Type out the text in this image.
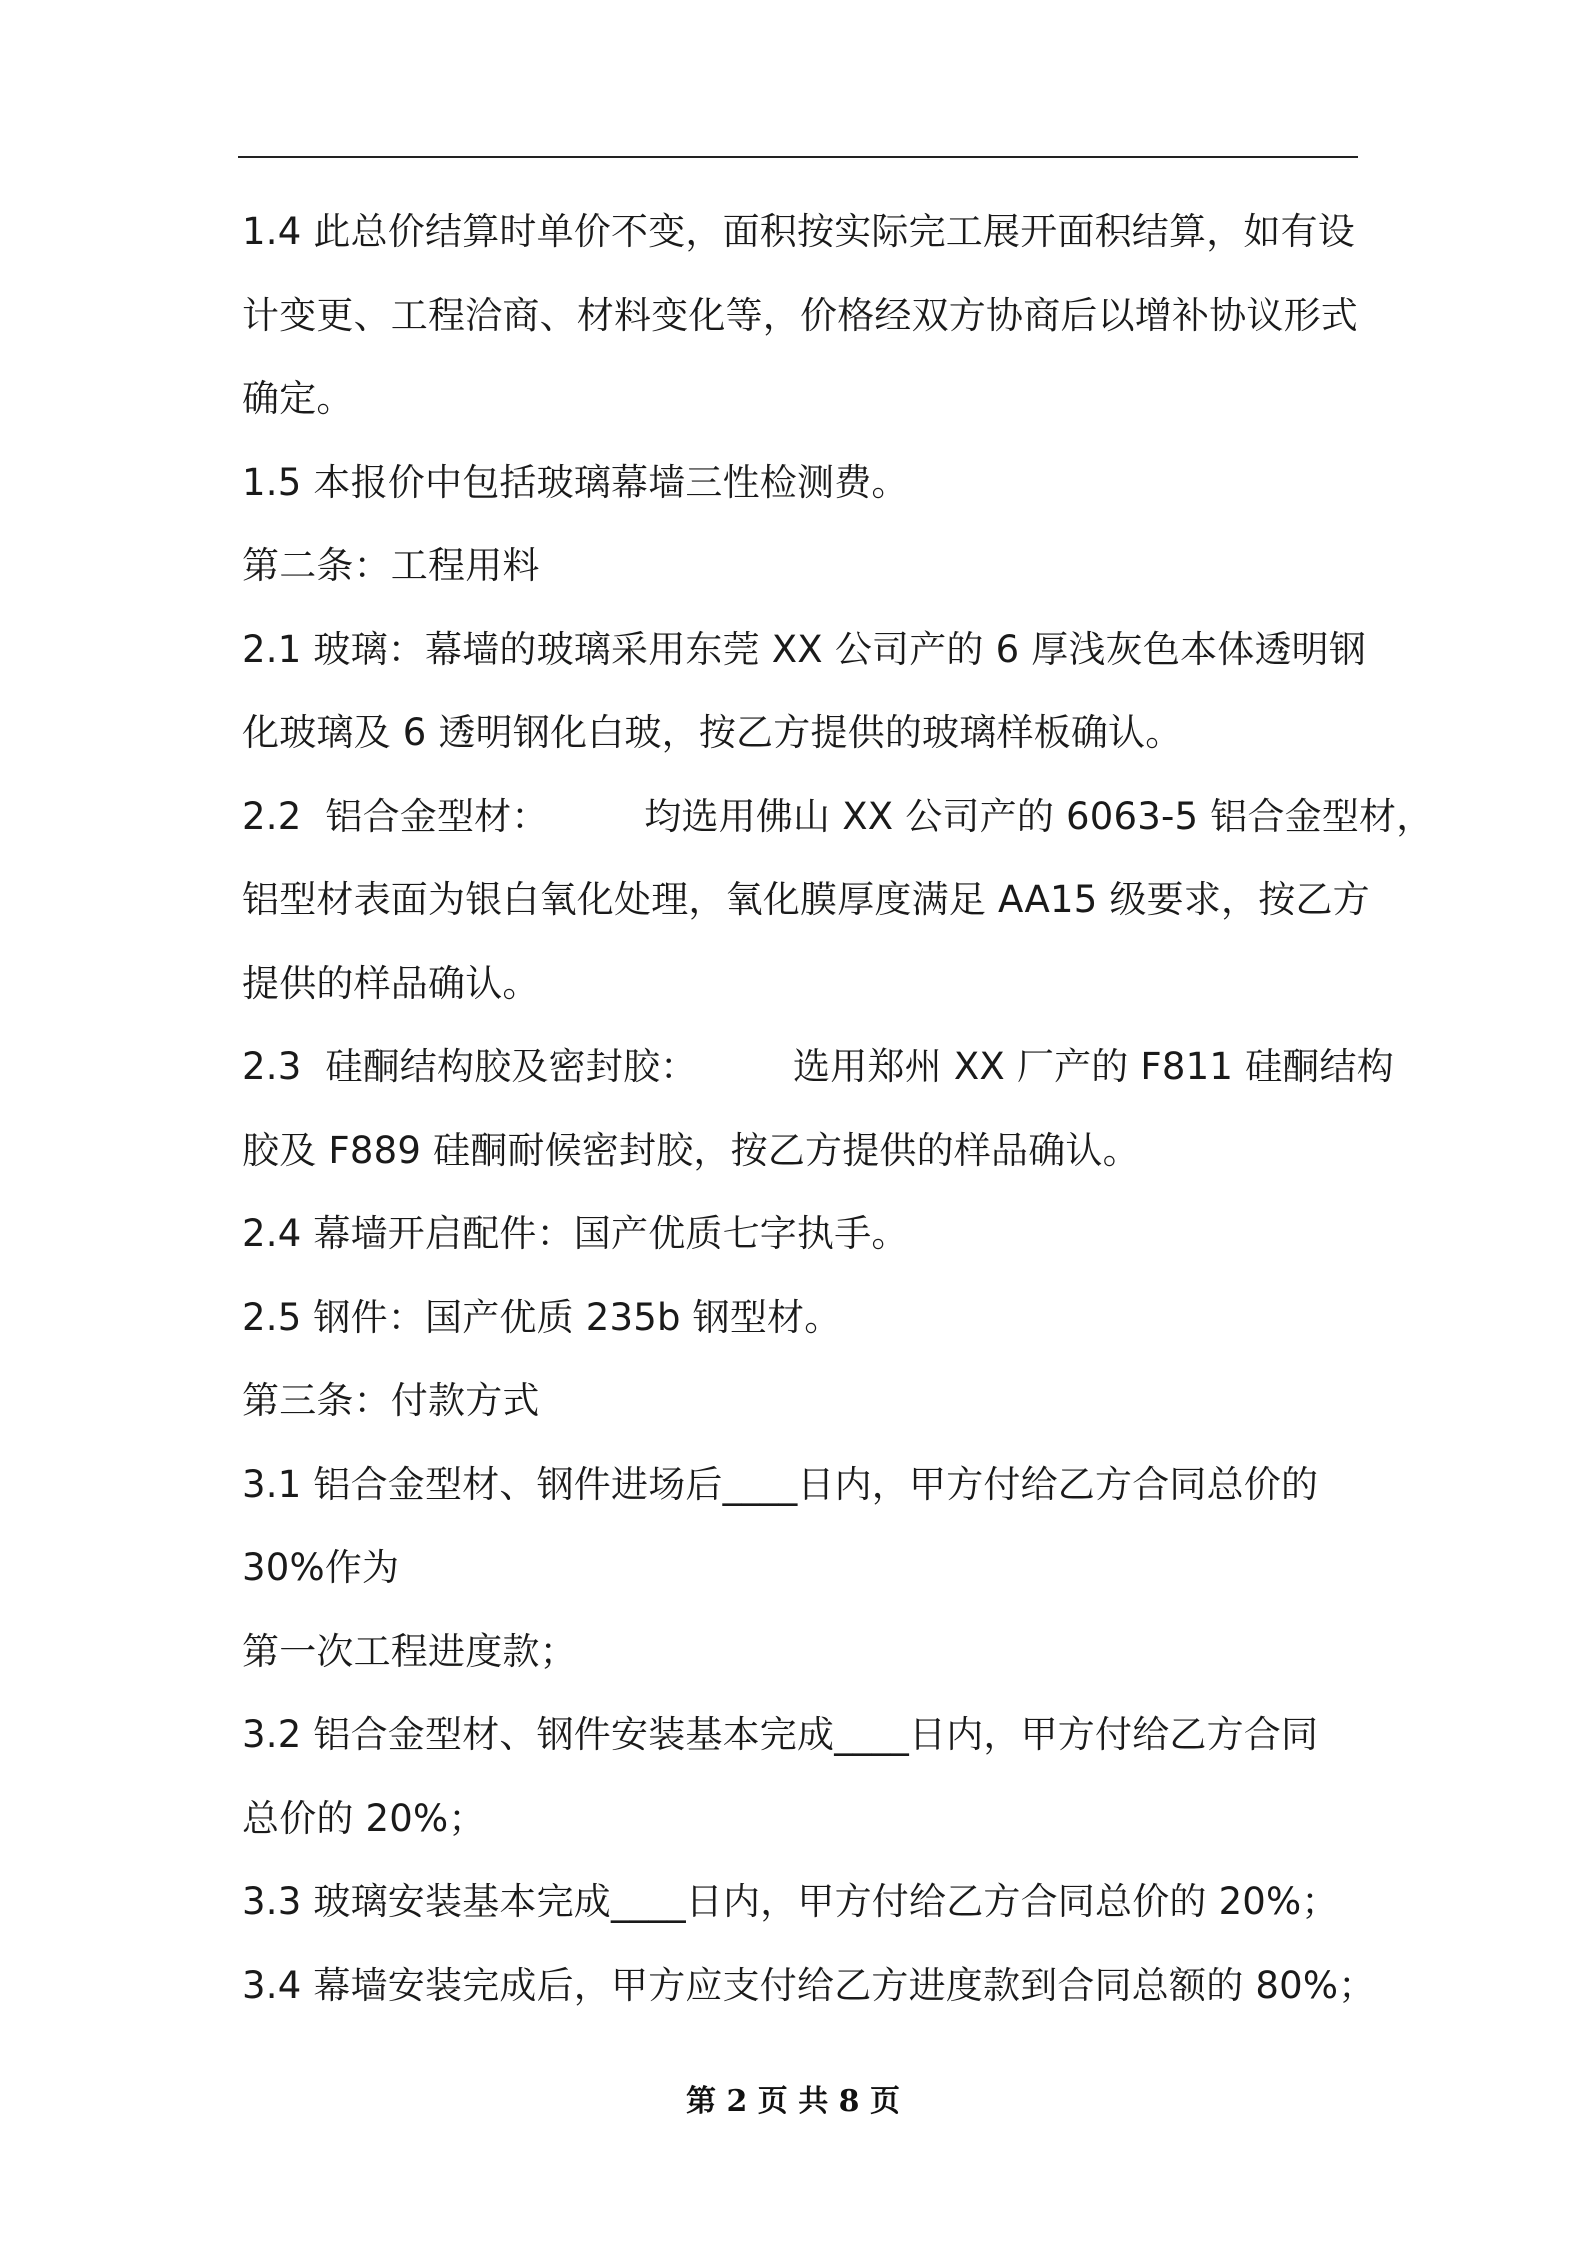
1.4 此总价结算时单价不变，面积按实际完工展开面积结算，如有设
计变更、工程洽商、材料变化等，价格经双方协商后以增补协议形式
确定。
1.5 本报价中包括玻璃幕墙三性检测费。
第二条：工程用料
2.1 玻璃：幕墙的玻璃采用东莞 XX 公司产的 6 厚浅灰色本体透明钢
化玻璃及 6 透明钢化白玻，按乙方提供的玻璃样板确认。
2.2  铝合金型材：        均选用佛山 XX 公司产的 6063-5 铝合金型材，
铝型材表面为银白氧化处理，氧化膜厚度满足 AA15 级要求，按乙方
提供的样品确认。
2.3  硅酮结构胶及密封胶：        选用郑州 XX 厂产的 F811 硅酮结构
胶及 F889 硅酮耐候密封胶，按乙方提供的样品确认。
2.4 幕墙开启配件：国产优质七字执手。
2.5 钢件：国产优质 235b 钢型材。
第三条：付款方式
3.1 铝合金型材、钢件进场后____日内，甲方付给乙方合同总价的
30%作为
第一次工程进度款；
3.2 铝合金型材、钢件安装基本完成____日内，甲方付给乙方合同
总价的 20%；
3.3 玻璃安装基本完成____日内，甲方付给乙方合同总价的 20%；
3.4 幕墙安装完成后，甲方应支付给乙方进度款到合同总额的 80%；
第 2 页 共 8 页
